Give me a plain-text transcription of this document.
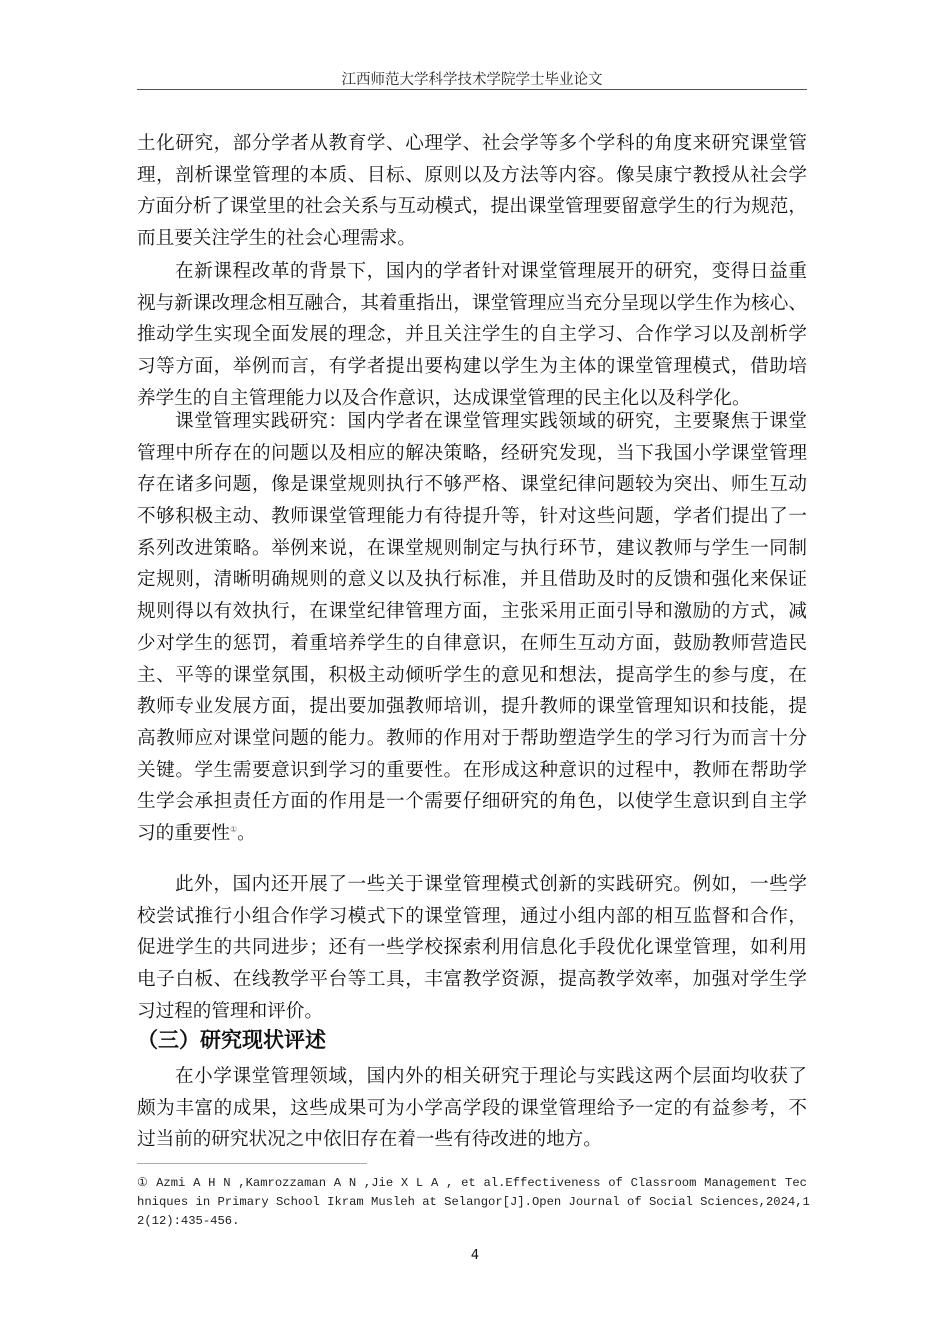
江西师范大学科学技术学院学士毕业论文
土化研究，部分学者从教育学、心理学、社会学等多个学科的角度来研究课堂管
理，剖析课堂管理的本质、目标、原则以及方法等内容。像吴康宁教授从社会学
方面分析了课堂里的社会关系与互动模式，提出课堂管理要留意学生的行为规范，
而且要关注学生的社会心理需求。
在新课程改革的背景下，国内的学者针对课堂管理展开的研究，变得日益重
视与新课改理念相互融合，其着重指出，课堂管理应当充分呈现以学生作为核心、
推动学生实现全面发展的理念，并且关注学生的自主学习、合作学习以及剖析学
习等方面，举例而言，有学者提出要构建以学生为主体的课堂管理模式，借助培
养学生的自主管理能力以及合作意识，达成课堂管理的民主化以及科学化。
课堂管理实践研究：国内学者在课堂管理实践领域的研究，主要聚焦于课堂
管理中所存在的问题以及相应的解决策略，经研究发现，当下我国小学课堂管理
存在诸多问题，像是课堂规则执行不够严格、课堂纪律问题较为突出、师生互动
不够积极主动、教师课堂管理能力有待提升等，针对这些问题，学者们提出了一
系列改进策略。举例来说，在课堂规则制定与执行环节，建议教师与学生一同制
定规则，清晰明确规则的意义以及执行标准，并且借助及时的反馈和强化来保证
规则得以有效执行，在课堂纪律管理方面，主张采用正面引导和激励的方式，减
少对学生的惩罚，着重培养学生的自律意识，在师生互动方面，鼓励教师营造民
主、平等的课堂氛围，积极主动倾听学生的意见和想法，提高学生的参与度，在
教师专业发展方面，提出要加强教师培训，提升教师的课堂管理知识和技能，提
高教师应对课堂问题的能力。教师的作用对于帮助塑造学生的学习行为而言十分
关键。学生需要意识到学习的重要性。在形成这种意识的过程中，教师在帮助学
生学会承担责任方面的作用是一个需要仔细研究的角色，以使学生意识到自主学
习的重要性①。
此外，国内还开展了一些关于课堂管理模式创新的实践研究。例如，一些学
校尝试推行小组合作学习模式下的课堂管理，通过小组内部的相互监督和合作，
促进学生的共同进步；还有一些学校探索利用信息化手段优化课堂管理，如利用
电子白板、在线教学平台等工具，丰富教学资源，提高教学效率，加强对学生学
习过程的管理和评价。
（三）研究现状评述
在小学课堂管理领域，国内外的相关研究于理论与实践这两个层面均收获了
颇为丰富的成果，这些成果可为小学高学段的课堂管理给予一定的有益参考，不
过当前的研究状况之中依旧存在着一些有待改进的地方。
① Azmi A H N ,Kamrozzaman A N ,Jie X L A , et al.Effectiveness of Classroom Management Tec
hniques in Primary School Ikram Musleh at Selangor[J].Open Journal of Social Sciences,2024,1
2(12):435-456.
4
